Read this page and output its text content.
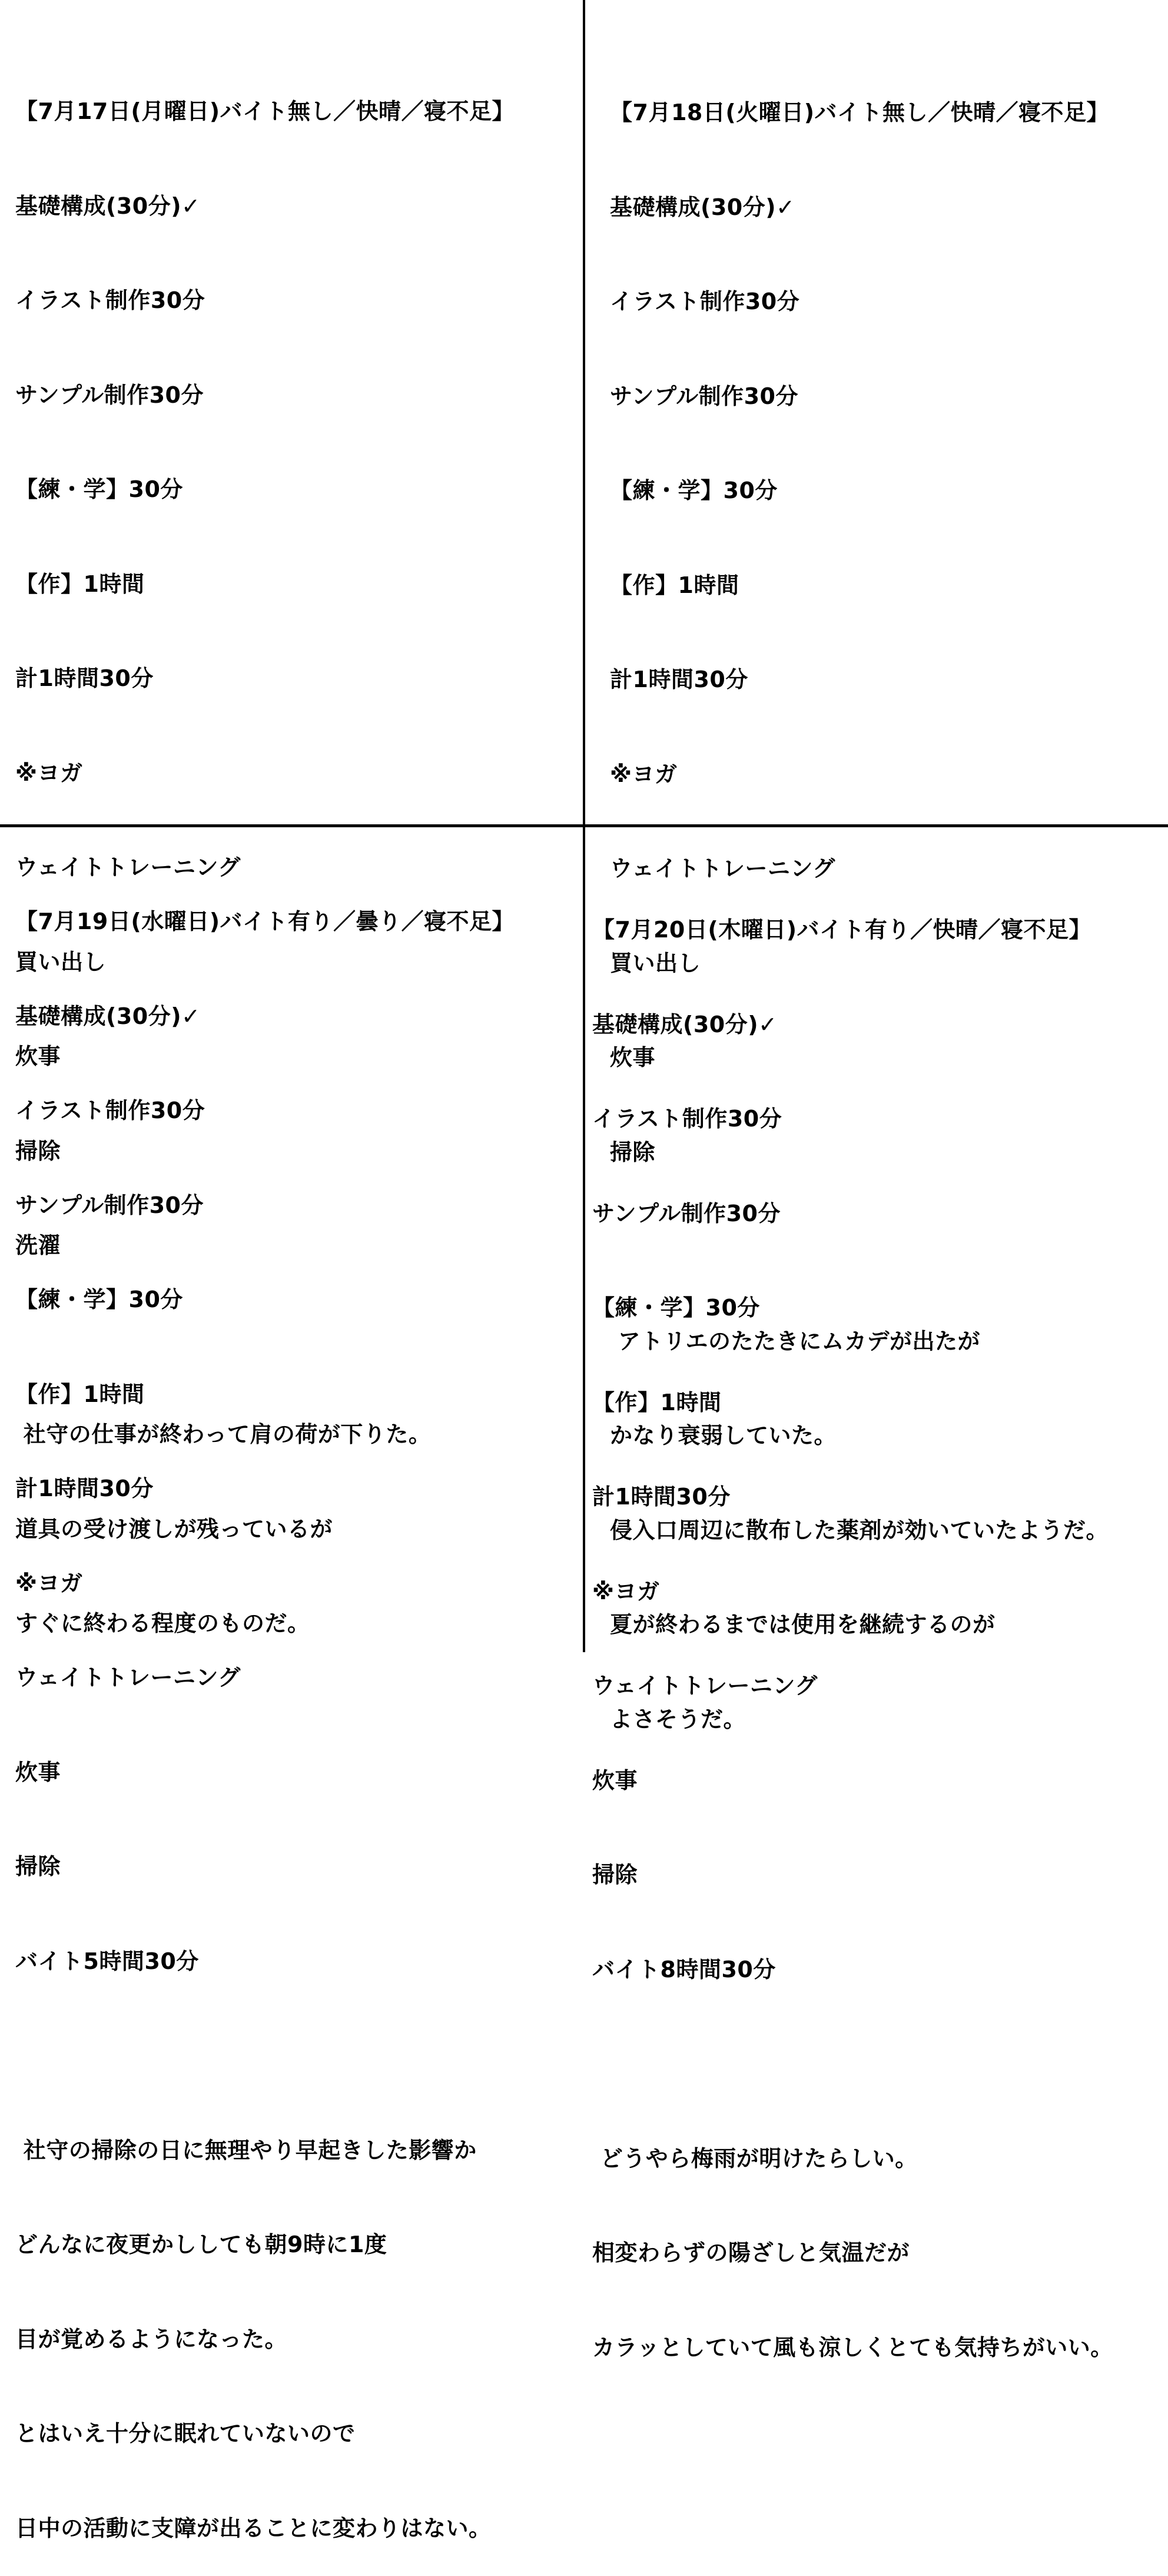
【7月17日(月曜日)バイト無し／快晴／寝不足】

基礎構成(30分)✓

イラスト制作30分

サンプル制作30分

【練・学】30分

【作】1時間

計1時間30分

※ヨガ

ウェイトトレーニング

買い出し

炊事

掃除

洗濯

社守の仕事が終わって肩の荷が下りた。

道具の受け渡しが残っているが

すぐに終わる程度のものだ。

【7月18日(火曜日)バイト無し／快晴／寝不足】

基礎構成(30分)✓

イラスト制作30分

サンプル制作30分

【練・学】30分

【作】1時間

計1時間30分

※ヨガ

ウェイトトレーニング

買い出し

炊事

掃除

アトリエのたたきにムカデが出たが

かなり衰弱していた。

侵入口周辺に散布した薬剤が効いていたようだ。

夏が終わるまでは使用を継続するのが

よさそうだ。

【7月19日(水曜日)バイト有り／曇り／寝不足】

基礎構成(30分)✓

イラスト制作30分

サンプル制作30分

【練・学】30分

【作】1時間

計1時間30分

※ヨガ

ウェイトトレーニング

炊事

掃除

バイト5時間30分

社守の掃除の日に無理やり早起きした影響か

どんなに夜更かししても朝9時に1度

目が覚めるようになった。

とはいえ十分に眠れていないので

日中の活動に支障が出ることに変わりはない。

【7月20日(木曜日)バイト有り／快晴／寝不足】

基礎構成(30分)✓

イラスト制作30分

サンプル制作30分

【練・学】30分

【作】1時間

計1時間30分

※ヨガ

ウェイトトレーニング

炊事

掃除

バイト8時間30分

どうやら梅雨が明けたらしい。

相変わらずの陽ざしと気温だが

カラッとしていて風も涼しくとても気持ちがいい。
